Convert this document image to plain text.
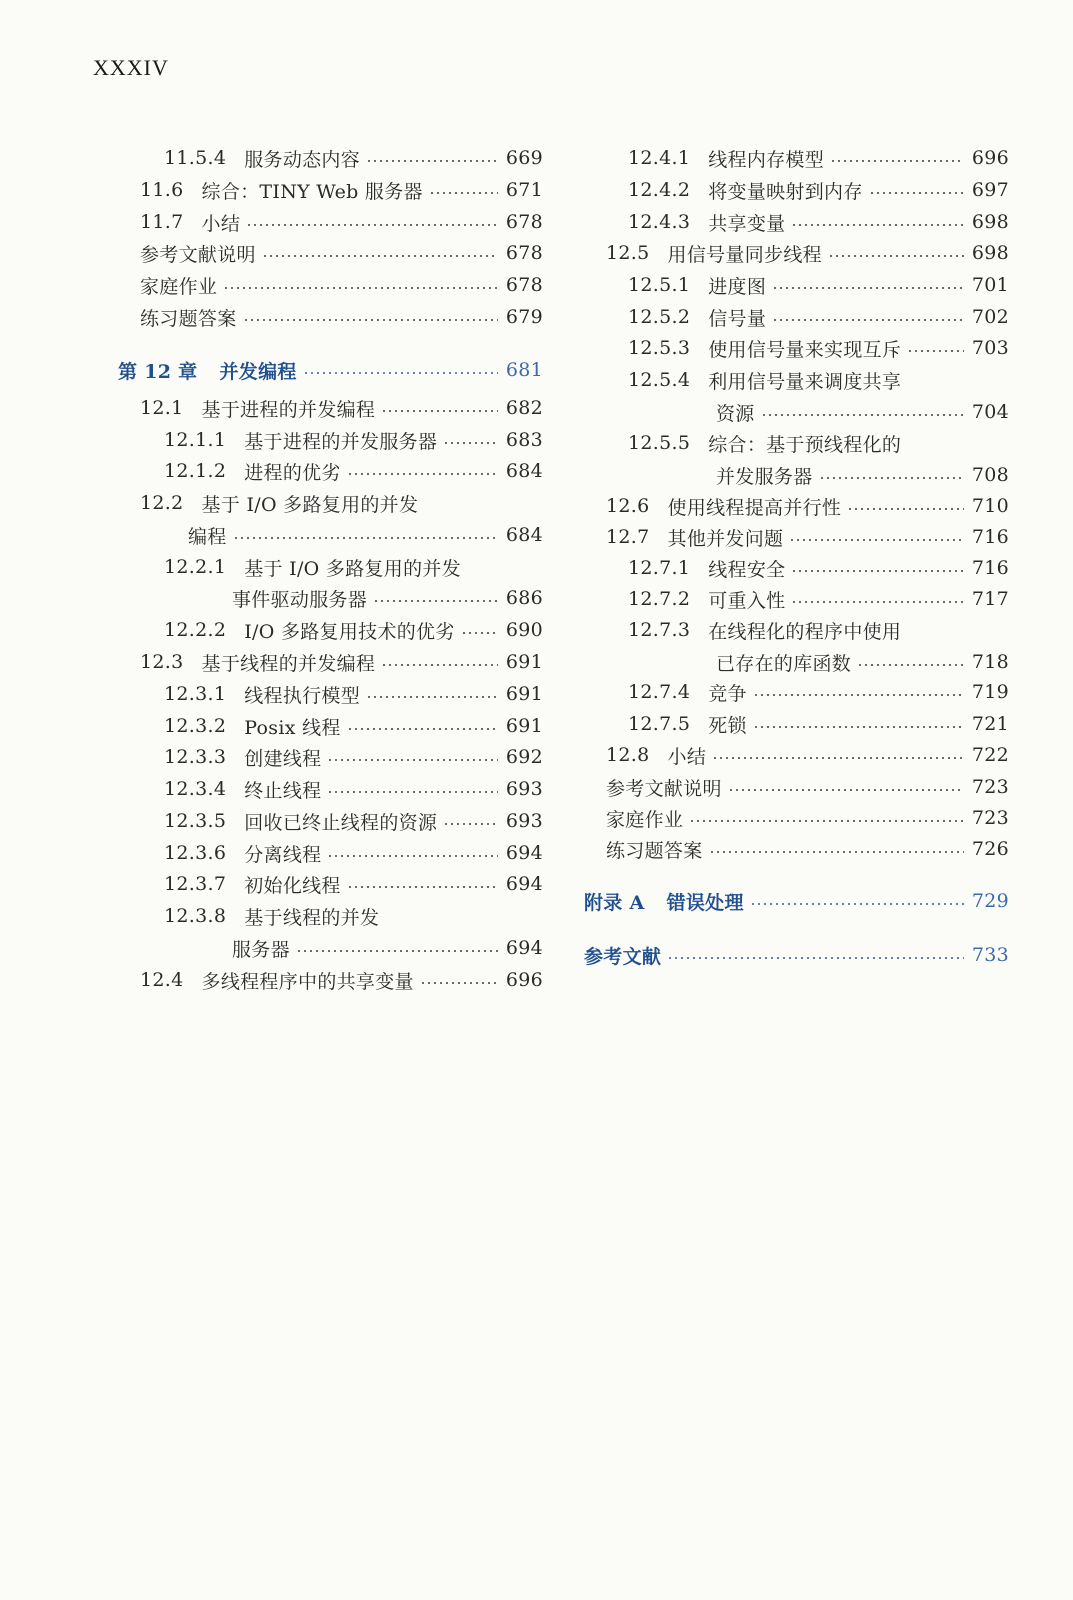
XXXIV
11.5.4 服务动态内容	669
11.6 综合：TINY Web 服务器	671
11.7 小结	678
参考文献说明	678
家庭作业	678
练习题答案	679
第 12 章	并发编程	681
12.1 基于进程的并发编程	682
12.1.1 基于进程的并发服务器	683
12.1.2 进程的优劣	684
12.2 基于 I/O 多路复用的并发
编程	684
12.2.1 基于 I/O 多路复用的并发
事件驱动服务器	686
12.2.2 I/O 多路复用技术的优劣	690
12.3 基于线程的并发编程	691
12.3.1 线程执行模型	691
12.3.2 Posix 线程	691
12.3.3 创建线程	692
12.3.4 终止线程	693
12.3.5 回收已终止线程的资源	693
12.3.6 分离线程	694
12.3.7 初始化线程	694
12.3.8 基于线程的并发
服务器	694
12.4 多线程程序中的共享变量	696
12.4.1 线程内存模型	696
12.4.2 将变量映射到内存	697
12.4.3 共享变量	698
12.5 用信号量同步线程	698
12.5.1 进度图	701
12.5.2 信号量	702
12.5.3 使用信号量来实现互斥	703
12.5.4 利用信号量来调度共享
资源	704
12.5.5 综合：基于预线程化的
并发服务器	708
12.6 使用线程提高并行性	710
12.7 其他并发问题	716
12.7.1 线程安全	716
12.7.2 可重入性	717
12.7.3 在线程化的程序中使用
已存在的库函数	718
12.7.4 竞争	719
12.7.5 死锁	721
12.8 小结	722
参考文献说明	723
家庭作业	723
练习题答案	726
附录 A	错误处理	729
参考文献	733
